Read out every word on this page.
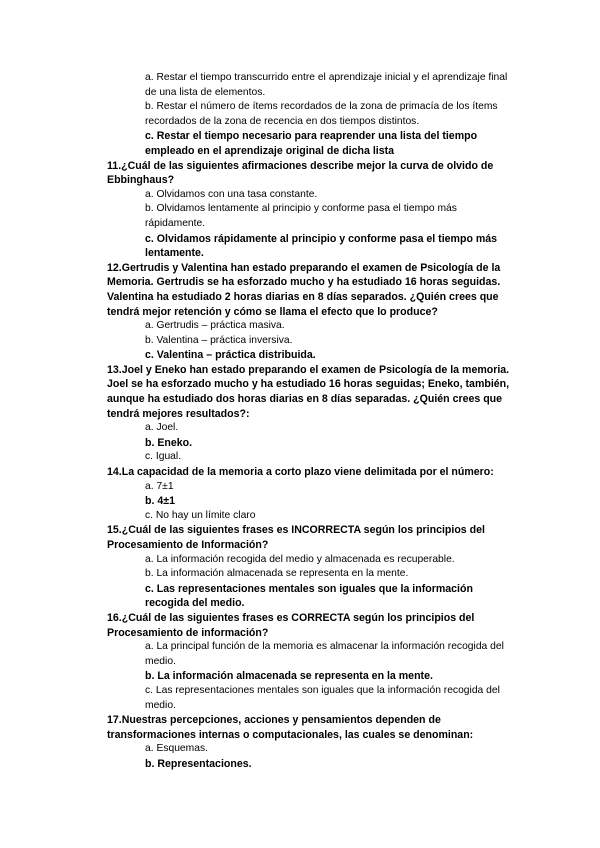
a. Restar el tiempo transcurrido entre el aprendizaje inicial y el aprendizaje final de una lista de elementos.

b. Restar el número de ítems recordados de la zona de primacía de los ítems recordados de la zona de recencia en dos tiempos distintos.

c. Restar el tiempo necesario para reaprender una lista del tiempo empleado en el aprendizaje original de dicha lista

11.¿Cuál de las siguientes afirmaciones describe mejor la curva de olvido de Ebbinghaus?

a. Olvidamos con una tasa constante.

b. Olvidamos lentamente al principio y conforme pasa el tiempo más rápidamente.

c. Olvidamos rápidamente al principio y conforme pasa el tiempo más lentamente.

12.Gertrudis y Valentina han estado preparando el examen de Psicología de la Memoria. Gertrudis se ha esforzado mucho y ha estudiado 16 horas seguidas. Valentina ha estudiado 2 horas diarias en 8 días separados. ¿Quién crees que tendrá mejor retención y cómo se llama el efecto que lo produce?

a. Gertrudis – práctica masiva.

b. Valentina – práctica inversiva.

c. Valentina – práctica distribuida.

13.Joel y Eneko han estado preparando el examen de Psicología de la memoria. Joel se ha esforzado mucho y ha estudiado 16 horas seguidas; Eneko, también, aunque ha estudiado dos horas diarias en 8 días separadas. ¿Quién crees que tendrá mejores resultados?:

a. Joel.

b. Eneko.

c. Igual.

14.La capacidad de la memoria a corto plazo viene delimitada por el número:

a. 7±1

b. 4±1

c. No hay un límite claro

15.¿Cuál de las siguientes frases es INCORRECTA según los principios del Procesamiento de Información?

a. La información recogida del medio y almacenada es recuperable.

b. La información almacenada se representa en la mente.

c. Las representaciones mentales son iguales que la información recogida del medio.

16.¿Cuál de las siguientes frases es CORRECTA según los principios del Procesamiento de información?

a. La principal función de la memoria es almacenar la información recogida del medio.

b. La información almacenada se representa en la mente.

c. Las representaciones mentales son iguales que la información recogida del medio.

17.Nuestras percepciones, acciones y pensamientos dependen de transformaciones internas o computacionales, las cuales se denominan:

a. Esquemas.

b. Representaciones.
